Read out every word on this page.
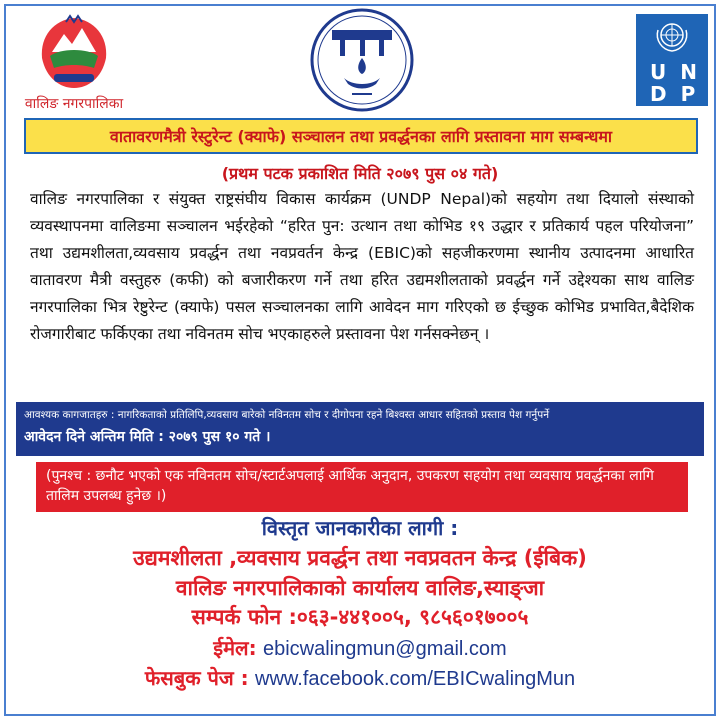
वालिङ नगरपालिका
UN
DP
वातावरणमैत्री रेस्टुरेन्ट (क्याफे) सञ्चालन तथा प्रवर्द्धनका लागि प्रस्तावना माग सम्बन्धमा
(प्रथम पटक प्रकाशित मिति २०७९ पुस ०४ गते)
वालिङ नगरपालिका र संयुक्त राष्ट्रसंघीय विकास कार्यक्रम (UNDP Nepal)को सहयोग तथा दियालो संस्थाको व्यवस्थापनमा वालिङमा सञ्चालन भईरहेको “हरित पुन: उत्थान तथा कोभिड १९ उद्धार र प्रतिकार्य पहल परियोजना” तथा उद्यमशीलता,व्यवसाय प्रवर्द्धन तथा नवप्रवर्तन केन्द्र (EBIC)को सहजीकरणमा स्थानीय उत्पादनमा आधारित वातावरण मैत्री वस्तुहरु (कफी) को बजारीकरण गर्ने तथा हरित उद्यमशीलताको प्रवर्द्धन गर्ने उद्देश्यका साथ वालिङ नगरपालिका भित्र रेष्टुरेन्ट (क्याफे) पसल सञ्चालनका लागि आवेदन माग गरिएको छ ईच्छुक कोभिड प्रभावित,बैदेशिक रोजगारीबाट फर्किएका तथा नविनतम सोच भएकाहरुले प्रस्तावना पेश गर्नसक्नेछन् ।
आवश्यक कागजातहरु : नागरिकताको प्रतिलिपि,व्यवसाय बारेको नविनतम सोच र दीगोपना रहने बिश्वस्त आधार सहितको प्रस्ताव पेश गर्नुपर्ने
आवेदन दिने अन्तिम मिति : २०७९ पुस १० गते ।
(पुनश्च : छनौट भएको एक नविनतम सोच/स्टार्टअपलाई आर्थिक अनुदान, उपकरण सहयोग तथा व्यवसाय प्रवर्द्धनका लागि तालिम उपलब्ध हुनेछ ।)
विस्तृत जानकारीका लागी :
उद्यमशीलता ,व्यवसाय प्रवर्द्धन तथा नवप्रवतन केन्द्र (ईबिक)
वालिङ नगरपालिकाको कार्यालय वालिङ,स्याङ्जा
सम्पर्क फोन :०६३-४४१००५, ९८५६०१७००५
ईमेल: ebicwalingmun@gmail.com
फेसबुक पेज : www.facebook.com/EBICwalingMun
